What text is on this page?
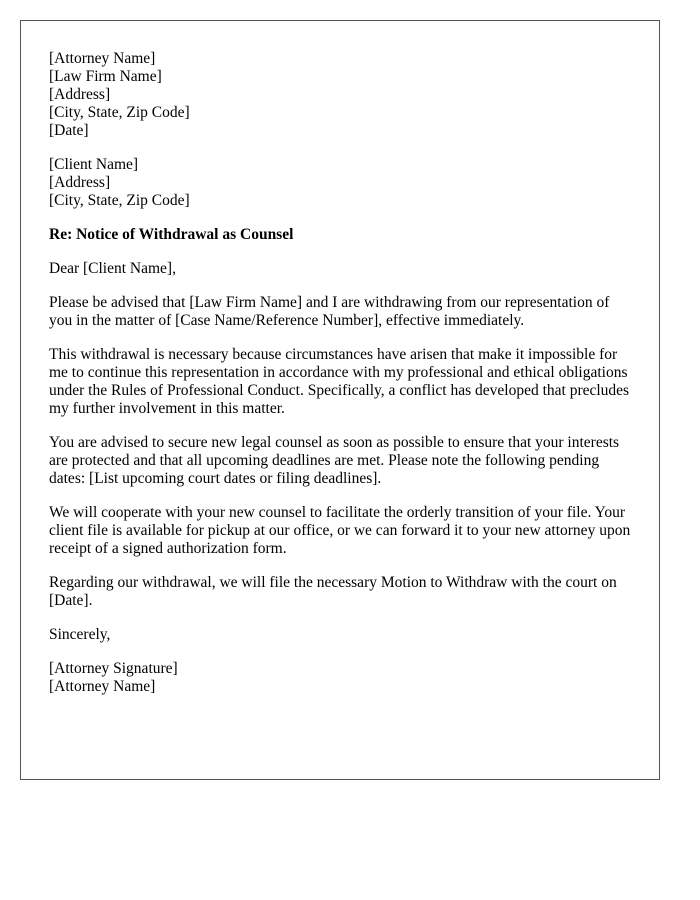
[Attorney Name]
[Law Firm Name]
[Address]
[City, State, Zip Code]
[Date]
[Client Name]
[Address]
[City, State, Zip Code]
Re: Notice of Withdrawal as Counsel
Dear [Client Name],

Please be advised that [Law Firm Name] and I are withdrawing from our representation of you in the matter of [Case Name/Reference Number], effective immediately.

This withdrawal is necessary because circumstances have arisen that make it impossible for me to continue this representation in accordance with my professional and ethical obligations under the Rules of Professional Conduct. Specifically, a conflict has developed that precludes my further involvement in this matter.

You are advised to secure new legal counsel as soon as possible to ensure that your interests are protected and that all upcoming deadlines are met. Please note the following pending dates: [List upcoming court dates or filing deadlines].

We will cooperate with your new counsel to facilitate the orderly transition of your file. Your client file is available for pickup at our office, or we can forward it to your new attorney upon receipt of a signed authorization form.

Regarding our withdrawal, we will file the necessary Motion to Withdraw with the court on [Date].

Sincerely,
[Attorney Signature]
[Attorney Name]
